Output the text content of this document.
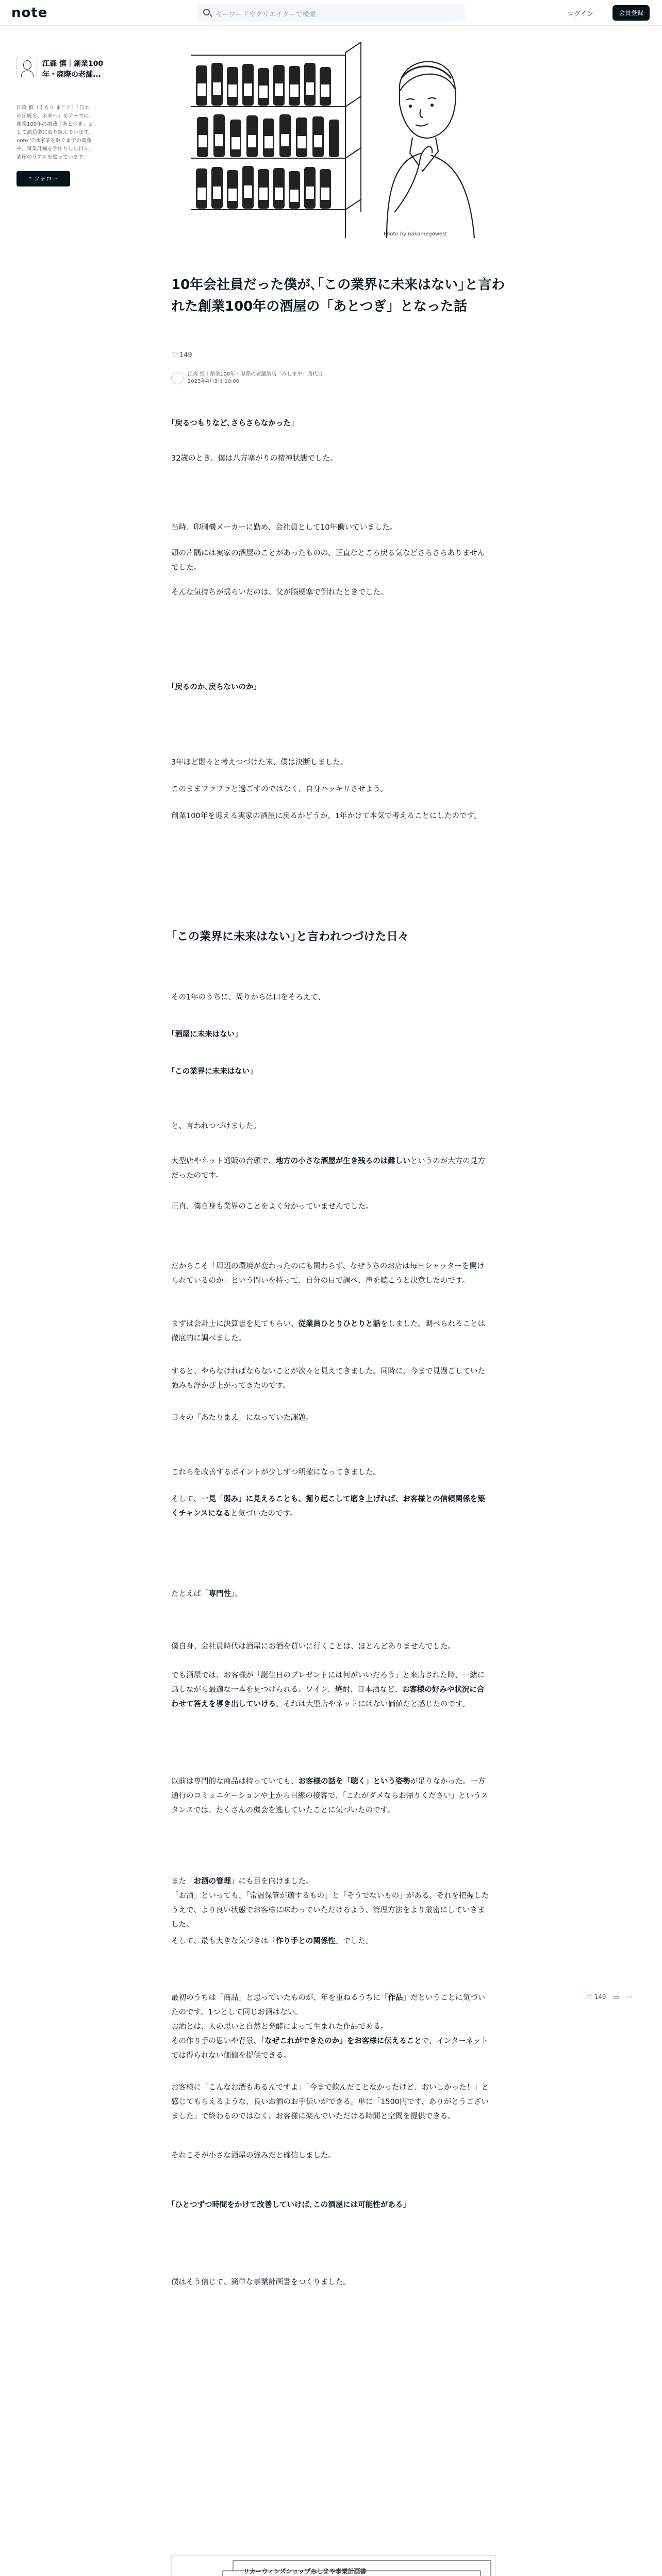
note	キーワードやクリエイターで検索	ログイン	会員登録
江森 慎｜創業100年・廃際の老舗...
江森 慎（えもり まこと）「日本の伝統を、未来へ」をテーマに、創業100年の酒蔵「あとつぎ」として酒造業に取り組んでいます。note では家業を継ぐまでの葛藤や、事業計画を手作りした日々、酒屋のリアルを綴っています。
⁺ フォロー
Photo by nakamegowest
10年会社員だった僕が､｢この業界に未来はない｣と言われた創業100年の酒屋の「あとつぎ」となった話
♡ 149
江森 慎｜創業100年・廃際の老舗酒店「みしまや」四代目
2023年4月3日 10:00
｢戻るつもりなど､さらさらなかった｣
32歳のとき、僕は八方塞がりの精神状態でした。
当時、印刷機メーカーに勤め、会社員として10年働いていました。
頭の片隅には実家の酒屋のことがあったものの、正直なところ戻る気などさらさらありませんでした。
そんな気持ちが揺らいだのは、父が脳梗塞で倒れたときでした。
｢戻るのか､戻らないのか｣
3年ほど悶々と考えつづけた末、僕は決断しました。
このままフラフラと過ごすのではなく、自身ハッキリさせよう。
創業100年を迎える実家の酒屋に戻るかどうか。1年かけて本気で考えることにしたのです。
｢この業界に未来はない｣と言われつづけた日々
その1年のうちに、周りからは口をそろえて、
｢酒屋に未来はない｣
｢この業界に未来はない｣
と、言われつづけました。
大型店やネット通販の台頭で、地方の小さな酒屋が生き残るのは難しいというのが大方の見方だったのです。
正直、僕自身も業界のことをよく分かっていませんでした。
だからこそ「周辺の環境が変わったのにも関わらず、なぜうちのお店は毎日シャッターを開けられているのか」という問いを持って、自分の目で調べ、声を聴こうと決意したのです。
まずは会計士に決算書を見てもらい、従業員ひとりひとりと話をしました。調べられることは徹底的に調べました。
すると、やらなければならないことが次々と見えてきました。同時に、今まで見過ごしていた強みも浮かび上がってきたのです。
日々の「あたりまえ」になっていた課題。
これらを改善するポイントが少しずつ明確になってきました。
そして、一見「弱み」に見えることも、掘り起こして磨き上げれば、お客様との信頼関係を築くチャンスになると気づいたのです。
たとえば「専門性」。
僕自身、会社員時代は酒屋にお酒を買いに行くことは、ほとんどありませんでした。
でも酒屋では、お客様が「誕生日のプレゼントには何がいいだろう」と来店された時、一緒に話しながら最適な一本を見つけられる。ワイン、焼酎、日本酒など、お客様の好みや状況に合わせて答えを導き出していける。それは大型店やネットにはない価値だと感じたのです。
以前は専門的な商品は持っていても、お客様の話を「聴く」という姿勢が足りなかった。一方通行のコミュニケーションや上から目線の接客で、「これがダメならお帰りください」というスタンスでは、たくさんの機会を逃していたことに気づいたのです。
また「お酒の管理」にも目を向けました。
「お酒」といっても、「常温保管が適するもの」と「そうでないもの」がある。それを把握したうえで、より良い状態でお客様に味わっていただけるよう、管理方法をより厳密にしていきました。
そして、最も大きな気づきは「作り手との関係性」でした。
最初のうちは「商品」と思っていたものが、年を重ねるうちに「作品」だということに気づいたのです。1つとして同じお酒はない。
お酒とは、人の思いと自然と発酵によって生まれた作品である。
その作り手の思いや背景、「なぜこれができたのか」をお客様に伝えることで、インターネットでは得られない価値を提供できる。
お客様に「こんなお酒もあるんですよ」「今まで飲んだことなかったけど、おいしかった！」と感じてもらえるような、良いお酒のお手伝いができる。単に「1500円です、ありがとうございました」で終わるのではなく、お客様に楽んでいただける時間と空間を提供できる。
それこそが小さな酒屋の強みだと確信しました。
｢ひとつずつ時間をかけて改善していけば､この酒屋には可能性がある｣
僕はそう信じて、簡単な事業計画書をつくりました。
♡ 149 ▭ ⋯
リカーウィンズショップみしまや事業計画書
